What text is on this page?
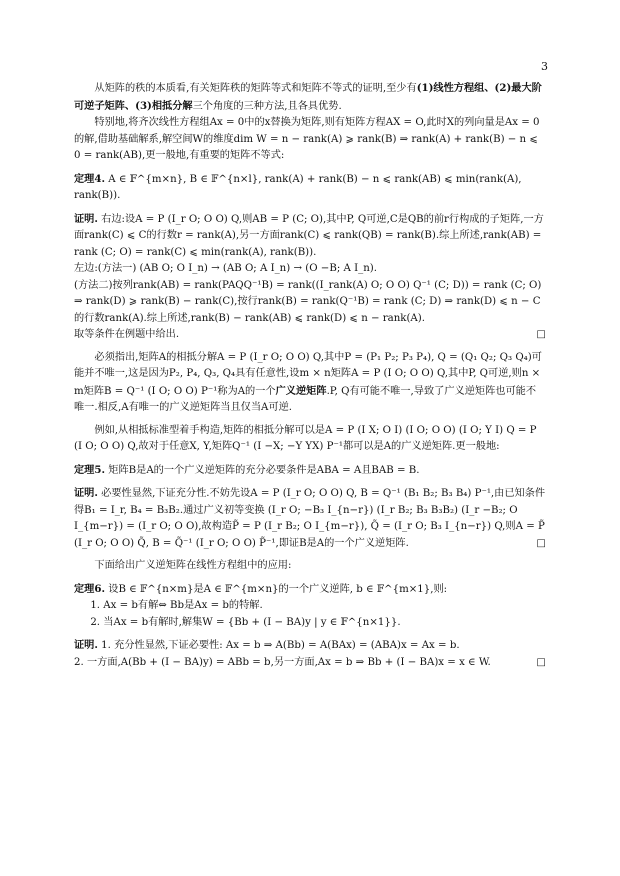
3

从矩阵的秩的本质看,有关矩阵秩的矩阵等式和矩阵不等式的证明,至少有(1)线性方程组、(2)最大阶可逆子矩阵、(3)相抵分解三个角度的三种方法,且各具优势.

特别地,将齐次线性方程组Ax = 0中的x替换为矩阵,则有矩阵方程AX = O,此时X的列向量是Ax = 0的解,借助基础解系,解空间W的维度dim W = n − rank(A) ⩾ rank(B) ⇒ rank(A) + rank(B) − n ⩽ 0 = rank(AB),更一般地,有重要的矩阵不等式:

定理4. A ∈ 𝔽^{m×n}, B ∈ 𝔽^{n×l}, rank(A) + rank(B) − n ⩽ rank(AB) ⩽ min(rank(A), rank(B)).

证明. 右边:设A = P (I_r O; O O) Q,则AB = P (C; O),其中P, Q可逆,C是QB的前r行构成的子矩阵,一方面rank(C) ⩽ C的行数r = rank(A),另一方面rank(C) ⩽ rank(QB) = rank(B).综上所述,rank(AB) = rank (C; O) = rank(C) ⩽ min(rank(A), rank(B)).

左边:(方法一) (AB O; O I_n) → (AB O; A I_n) → (O −B; A I_n).

(方法二)按列rank(AB) = rank(PAQQ⁻¹B) = rank((I_rank(A) O; O O) Q⁻¹ (C; D)) = rank (C; O) ⇒ rank(D) ⩾ rank(B) − rank(C),按行rank(B) = rank(Q⁻¹B) = rank (C; D) ⇒ rank(D) ⩽ n − C的行数rank(A).综上所述,rank(B) − rank(AB) ⩽ rank(D) ⩽ n − rank(A).

取等条件在例题中给出.	□

必须指出,矩阵A的相抵分解A = P (I_r O; O O) Q,其中P = (P₁ P₂; P₃ P₄), Q = (Q₁ Q₂; Q₃ Q₄)可能并不唯一,这是因为P₂, P₄, Q₃, Q₄具有任意性,设m × n矩阵A = P (I O; O O) Q,其中P, Q可逆,则n × m矩阵B = Q⁻¹ (I O; O O) P⁻¹称为A的一个广义逆矩阵.P, Q有可能不唯一,导致了广义逆矩阵也可能不唯一.相反,A有唯一的广义逆矩阵当且仅当A可逆.

例如,从相抵标准型着手构造,矩阵的相抵分解可以是A = P (I X; O I) (I O; O O) (I O; Y I) Q = P (I O; O O) Q,故对于任意X, Y,矩阵Q⁻¹ (I −X; −Y YX) P⁻¹都可以是A的广义逆矩阵.更一般地:

定理5. 矩阵B是A的一个广义逆矩阵的充分必要条件是ABA = A且BAB = B.

证明. 必要性显然,下证充分性.不妨先设A = P (I_r O; O O) Q, B = Q⁻¹ (B₁ B₂; B₃ B₄) P⁻¹,由已知条件得B₁ = I_r, B₄ = B₃B₂.通过广义初等变换 (I_r O; −B₃ I_{n−r}) (I_r B₂; B₃ B₃B₂) (I_r −B₂; O I_{m−r}) = (I_r O; O O),故构造P̃ = P (I_r B₂; O I_{m−r}), Q̃ = (I_r O; B₃ I_{n−r}) Q,则A = P̃ (I_r O; O O) Q̃, B = Q̃⁻¹ (I_r O; O O) P̃⁻¹,即证B是A的一个广义逆矩阵.	□

下面给出广义逆矩阵在线性方程组中的应用:

定理6. 设B ∈ 𝔽^{n×m}是A ∈ 𝔽^{m×n}的一个广义逆阵, b ∈ 𝔽^{m×1},则:

1. Ax = b有解⇔ Bb是Ax = b的特解.

2. 当Ax = b有解时,解集W = {Bb + (I − BA)y | y ∈ 𝔽^{n×1}}.

证明. 1. 充分性显然,下证必要性: Ax = b ⇒ A(Bb) = A(BAx) = (ABA)x = Ax = b.

2. 一方面,A(Bb + (I − BA)y) = ABb = b,另一方面,Ax = b ⇒ Bb + (I − BA)x = x ∈ W.	□
